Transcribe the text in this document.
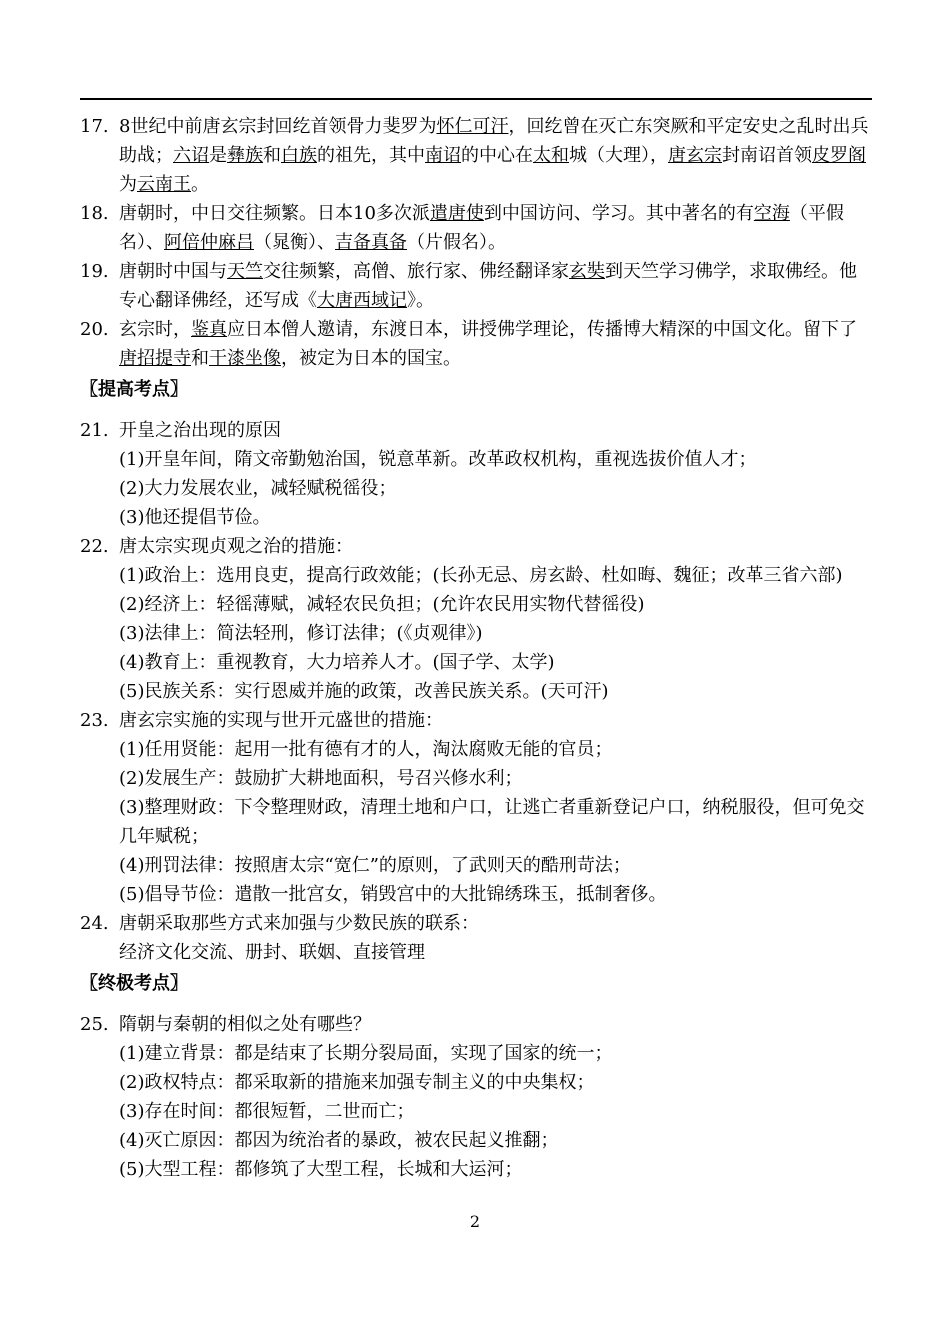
17. 8世纪中前唐玄宗封回纥首领骨力斐罗为怀仁可汗，回纥曾在灭亡东突厥和平定安史之乱时出兵助战；六诏是彝族和白族的祖先，其中南诏的中心在太和城（大理），唐玄宗封南诏首领皮罗阁为云南王。
18. 唐朝时，中日交往频繁。日本10多次派遣唐使到中国访问、学习。其中著名的有空海（平假名）、阿倍仲麻吕（晁衡）、吉备真备（片假名）。
19. 唐朝时中国与天竺交往频繁，高僧、旅行家、佛经翻译家玄奘到天竺学习佛学，求取佛经。他专心翻译佛经，还写成《大唐西域记》。
20. 玄宗时，鉴真应日本僧人邀请，东渡日本，讲授佛学理论，传播博大精深的中国文化。留下了唐招提寺和干漆坐像，被定为日本的国宝。
〖提高考点〗
21. 开皇之治出现的原因
(1)开皇年间，隋文帝勤勉治国，锐意革新。改革政权机构，重视选拔价值人才；
(2)大力发展农业，减轻赋税徭役；
(3)他还提倡节俭。
22. 唐太宗实现贞观之治的措施：
(1)政治上：选用良吏，提高行政效能；(长孙无忌、房玄龄、杜如晦、魏征；改革三省六部)
(2)经济上：轻徭薄赋，减轻农民负担；(允许农民用实物代替徭役)
(3)法律上：简法轻刑，修订法律；(《贞观律》)
(4)教育上：重视教育，大力培养人才。(国子学、太学)
(5)民族关系：实行恩威并施的政策，改善民族关系。(天可汗)
23. 唐玄宗实施的实现与世开元盛世的措施：
(1)任用贤能：起用一批有德有才的人，淘汰腐败无能的官员；
(2)发展生产：鼓励扩大耕地面积，号召兴修水利；
(3)整理财政：下令整理财政，清理土地和户口，让逃亡者重新登记户口，纳税服役，但可免交几年赋税；
(4)刑罚法律：按照唐太宗“宽仁”的原则，了武则天的酷刑苛法；
(5)倡导节俭：遣散一批宫女，销毁宫中的大批锦绣珠玉，抵制奢侈。
24. 唐朝采取那些方式来加强与少数民族的联系：
经济文化交流、册封、联姻、直接管理
〖终极考点〗
25. 隋朝与秦朝的相似之处有哪些？
(1)建立背景：都是结束了长期分裂局面，实现了国家的统一；
(2)政权特点：都采取新的措施来加强专制主义的中央集权；
(3)存在时间：都很短暂，二世而亡；
(4)灭亡原因：都因为统治者的暴政，被农民起义推翻；
(5)大型工程：都修筑了大型工程，长城和大运河；
2
